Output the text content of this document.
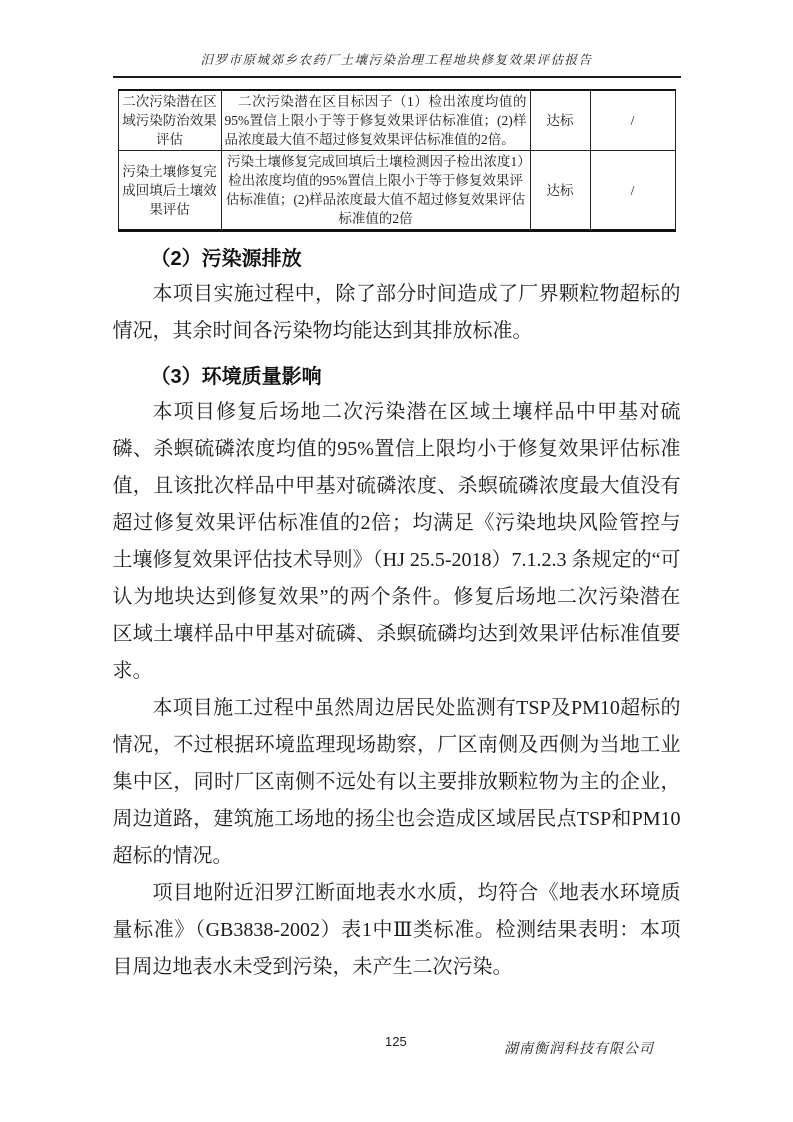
汨罗市原城郊乡农药厂土壤污染治理工程地块修复效果评估报告
二次污染潜在区域污染防治效果评估	二次污染潜在区目标因子（1）检出浓度均值的95%置信上限小于等于修复效果评估标准值；(2)样品浓度最大值不超过修复效果评估标准值的2倍。	达标	/
污染土壤修复完成回填后土壤效果评估	污染土壤修复完成回填后土壤检测因子检出浓度1）检出浓度均值的95%置信上限小于等于修复效果评估标准值；(2)样品浓度最大值不超过修复效果评估标准值的2倍	达标	/
（2）污染源排放

本项目实施过程中，除了部分时间造成了厂界颗粒物超标的情况，其余时间各污染物均能达到其排放标准。

（3）环境质量影响

本项目修复后场地二次污染潜在区域土壤样品中甲基对硫磷、杀螟硫磷浓度均值的95%置信上限均小于修复效果评估标准值，且该批次样品中甲基对硫磷浓度、杀螟硫磷浓度最大值没有超过修复效果评估标准值的2倍；均满足《污染地块风险管控与土壤修复效果评估技术导则》（HJ 25.5-2018）7.1.2.3 条规定的“可认为地块达到修复效果”的两个条件。修复后场地二次污染潜在区域土壤样品中甲基对硫磷、杀螟硫磷均达到效果评估标准值要求。

本项目施工过程中虽然周边居民处监测有TSP及PM10超标的情况，不过根据环境监理现场勘察，厂区南侧及西侧为当地工业集中区，同时厂区南侧不远处有以主要排放颗粒物为主的企业，周边道路，建筑施工场地的扬尘也会造成区域居民点TSP和PM10超标的情况。

项目地附近汨罗江断面地表水水质，均符合《地表水环境质量标准》（GB3838-2002）表1中Ⅲ类标准。检测结果表明：本项目周边地表水未受到污染，未产生二次污染。

125
湖南衡润科技有限公司
